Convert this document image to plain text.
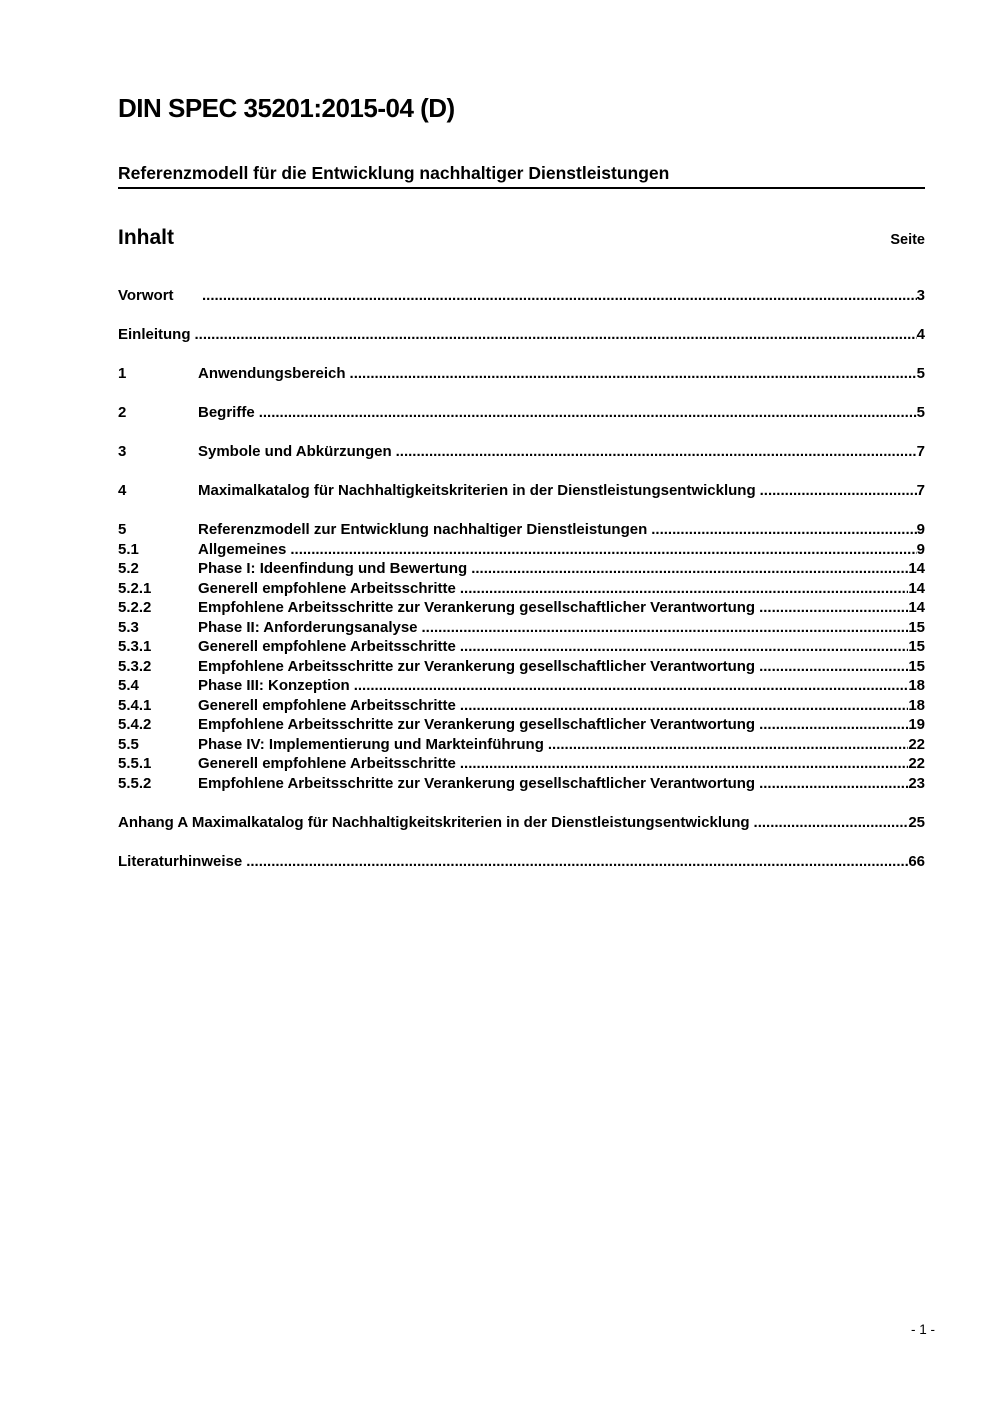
DIN SPEC 35201:2015-04 (D)
Referenzmodell für die Entwicklung nachhaltiger Dienstleistungen
Inhalt	Seite
Vorwort .....	3
Einleitung .....	4
1	Anwendungsbereich .....	5
2	Begriffe .....	5
3	Symbole und Abkürzungen .....	7
4	Maximalkatalog für Nachhaltigkeitskriterien in der Dienstleistungsentwicklung .....	7
5	Referenzmodell zur Entwicklung nachhaltiger Dienstleistungen .....	9
5.1	Allgemeines .....	9
5.2	Phase I: Ideenfindung und Bewertung .....	14
5.2.1	Generell empfohlene Arbeitsschritte .....	14
5.2.2	Empfohlene Arbeitsschritte zur Verankerung gesellschaftlicher Verantwortung .....	14
5.3	Phase II: Anforderungsanalyse .....	15
5.3.1	Generell empfohlene Arbeitsschritte .....	15
5.3.2	Empfohlene Arbeitsschritte zur Verankerung gesellschaftlicher Verantwortung .....	15
5.4	Phase III: Konzeption .....	18
5.4.1	Generell empfohlene Arbeitsschritte .....	18
5.4.2	Empfohlene Arbeitsschritte zur Verankerung gesellschaftlicher Verantwortung .....	19
5.5	Phase IV: Implementierung und Markteinführung .....	22
5.5.1	Generell empfohlene Arbeitsschritte .....	22
5.5.2	Empfohlene Arbeitsschritte zur Verankerung gesellschaftlicher Verantwortung .....	23
Anhang A Maximalkatalog für Nachhaltigkeitskriterien in der Dienstleistungsentwicklung .....	25
Literaturhinweise .....	66
- 1 -
